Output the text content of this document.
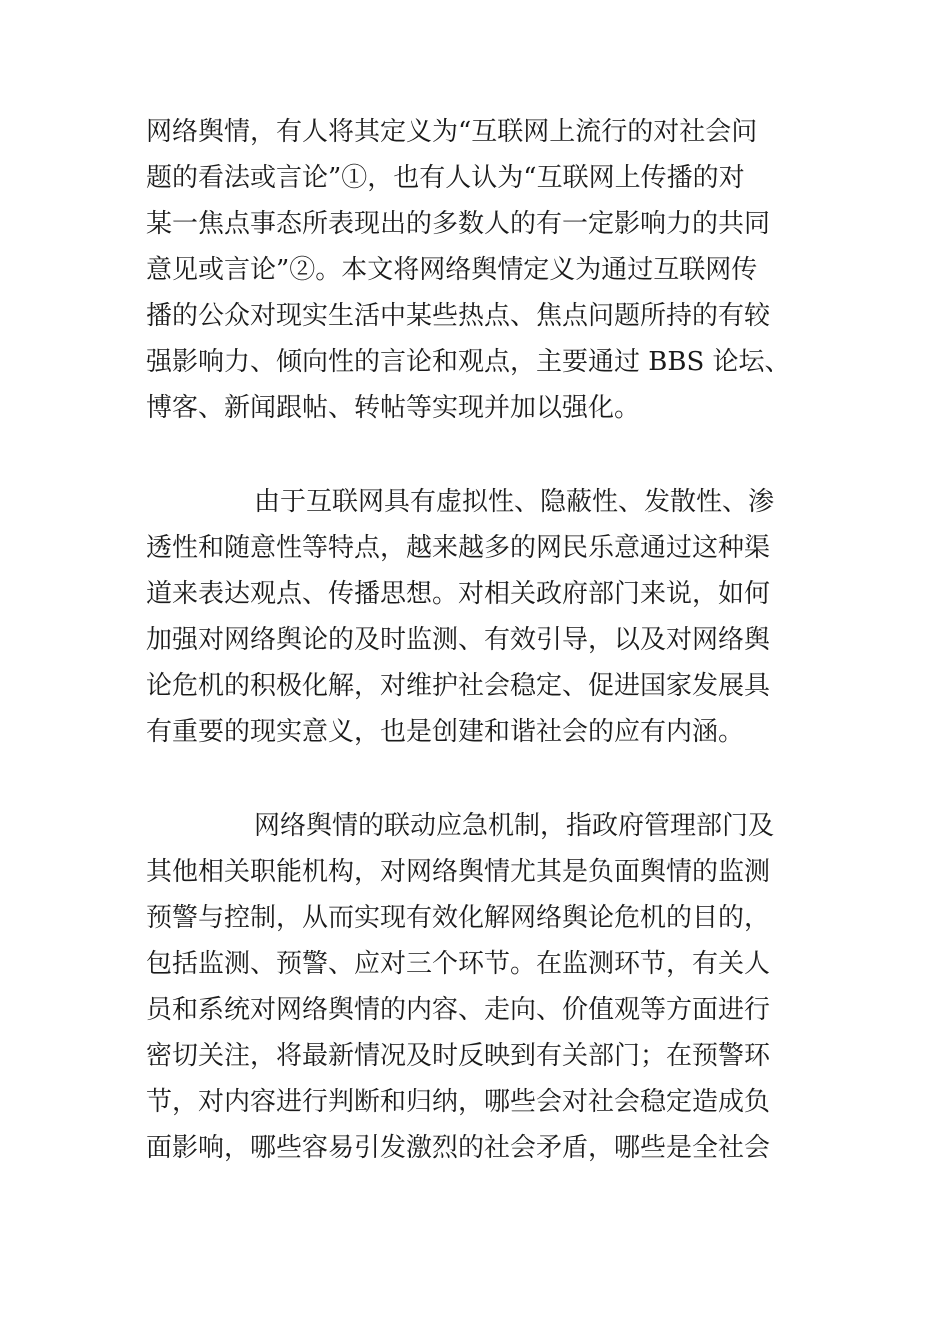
网络舆情，有人将其定义为“互联网上流行的对社会问
题的看法或言论”①，也有人认为“互联网上传播的对
某一焦点事态所表现出的多数人的有一定影响力的共同
意见或言论”②。本文将网络舆情定义为通过互联网传
播的公众对现实生活中某些热点、焦点问题所持的有较
强影响力、倾向性的言论和观点，主要通过 BBS 论坛、
博客、新闻跟帖、转帖等实现并加以强化。
由于互联网具有虚拟性、隐蔽性、发散性、渗
透性和随意性等特点，越来越多的网民乐意通过这种渠
道来表达观点、传播思想。对相关政府部门来说，如何
加强对网络舆论的及时监测、有效引导，以及对网络舆
论危机的积极化解，对维护社会稳定、促进国家发展具
有重要的现实意义，也是创建和谐社会的应有内涵。
网络舆情的联动应急机制，指政府管理部门及
其他相关职能机构，对网络舆情尤其是负面舆情的监测
预警与控制，从而实现有效化解网络舆论危机的目的，
包括监测、预警、应对三个环节。在监测环节，有关人
员和系统对网络舆情的内容、走向、价值观等方面进行
密切关注，将最新情况及时反映到有关部门；在预警环
节，对内容进行判断和归纳，哪些会对社会稳定造成负
面影响，哪些容易引发激烈的社会矛盾，哪些是全社会
